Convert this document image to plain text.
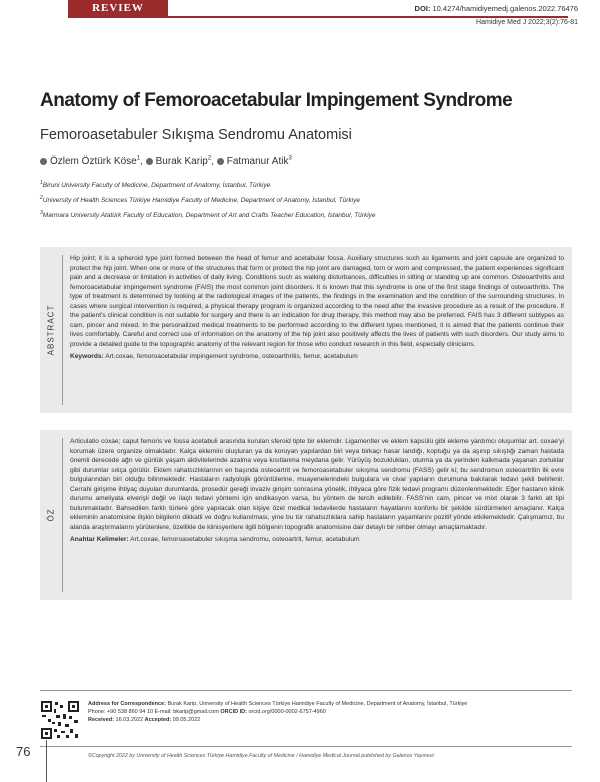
REVIEW	DOI: 10.4274/hamidiyemedj.galenos.2022.76476
Hamidiye Med J 2022;3(2):76-81
Anatomy of Femoroacetabular Impingement Syndrome
Femoroasetabuler Sıkışma Sendromu Anatomisi
Özlem Öztürk Köse$^1$, Burak Karip$^2$, Fatmanur Atik$^3$
$^1$Biruni University Faculty of Medicine, Department of Anatomy, İstanbul, Türkiye
$^2$University of Health Sciences Türkiye Hamidiye Faculty of Medicine, Department of Anatomy, İstanbul, Türkiye
$^3$Marmara University Atatürk Faculty of Education, Department of Art and Crafts Teacher Education, İstanbul, Türkiye
ABSTRACT
Hip joint; it is a spheroid type joint formed between the head of femur and acetabular fossa. Auxiliary structures such as ligaments and joint capsule are organized to protect the hip joint. When one or more of the structures that form or protect the hip joint are damaged, torn or worn and compressed, the patient experiences significant pain and a decrease or limitation in activities of daily living. Conditions such as walking disturbances, difficulties in sitting or standing up are common. Osteoarthritis and femoroacetabular impingement syndrome (FAIS) the most common joint disorders. It is known that this syndrome is one of the first stage findings of osteoarthritis. The type of treatment is determined by looking at the radiological images of the patients, the findings in the examination and the condition of the surrounding structures. In cases where surgical intervention is required, a physical therapy program is organized according to the need after the invasive procedure as a result of the procedure. If the patient's clinical condition is not suitable for surgery and there is an indication for drug therapy, this method may also be preferred. FAIS has 3 different subtypes as cam, pincer and mixed. In the personalized medical treatments to be performed according to the different types mentioned, it is aimed that the patients continue their lives comfortably. Careful and correct use of information on the anatomy of the hip joint also positively affects the lives of patients with such disorders. Our study aims to provide a detailed guide to the topographic anatomy of the relevant region for those who conduct research in this field, especially clinicians.
Keywords: Art.coxae, femoroacetabular impingement syndrome, osteoarthritis, femur, acetabulum
ÖZ
Articulatio coxae; caput femoris ve fossa acetabuli arasında kurulan sferoid tipte bir eklemdir. Ligamentler ve eklem kapsülü gibi ekleme yardımcı oluşumlar art. coxae'yi korumak üzere organize olmaktadır. Kalça eklemini oluşturan ya da koruyan yapılardan biri veya birkaçı hasar landığı, koptuğu ya da aşınıp sıkıştığı zaman hastada önemli derecede ağrı ve günlük yaşam aktivitelerinde azalma veya kısıtlanma meydana gelir. Yürüyüş bozuklukları, oturma ya da yerinden kalkmada yaşanan zorluklar gibi durumlar sıkça görülür. Eklem rahatsızlıklarının en başında osteoartrit ve femoroasetabuler sıkışma sendromu (FASS) gelir ki; bu sendromun osteoartritin ilk evre bulgularından biri olduğu bilinmektedir. Hastaların radyolojik görüntülerine, muayenelerindeki bulgulara ve civar yapıların durumuna bakılarak tedavi şekli belirlenir. Cerrahi girişime ihtiyaç duyulan durumlarda, prosedür gereği invaziv girişim sonrasına yönelik, ihtiyaca göre fizik tedavi programı düzenlenmektedir. Eğer hastanın klinik durumu ameliyata elverişli değil ve ilaçlı tedavi yöntemi için endikasyon varsa, bu yöntem de tercih edilebilir. FASS'nin cam, pincer ve mixt olarak 3 farklı alt tipi bulunmaktadır. Bahsedilen farklı türlere göre yapılacak olan kişiye özel medikal tedavilerde hastaların hayatlarını konforlu bir şekilde sürdürmeleri amaçlanır. Kalça ekleminin anatomisine ilişkin bilgilerin dikkatli ve doğru kullanılması, yine bu tür rahatsızlıklara sahip hastaların yaşamlarını pozitif yönde etkilemektedir. Çalışmamız, bu alanda araştırmalarını yürütenlere, özellikle de klinisyenlere ilgili bölgenin topografik anatomisine dair detaylı bir rehber olmayı amaçlamaktadır.
Anahtar Kelimeler: Art.coxae, femoroasetabuler sıkışma sendromu, osteoartrit, femur, acetabulum
Address for Correspondence: Burak Karip, University of Health Sciences Türkiye Hamidiye Faculty of Medicine, Department of Anatomy, İstanbul, Türkiye
Phone: +90 538 860 94 10 E-mail: bkarip@gmail.com ORCID ID: orcid.org/0000-0002-6757-4960
Received: 16.03.2022 Accepted: 09.05.2022
©Copyright 2022 by University of Health Sciences Türkiye Hamidiye Faculty of Medicine / Hamidiye Medical Journal published by Galenos Yayınevi.
76
